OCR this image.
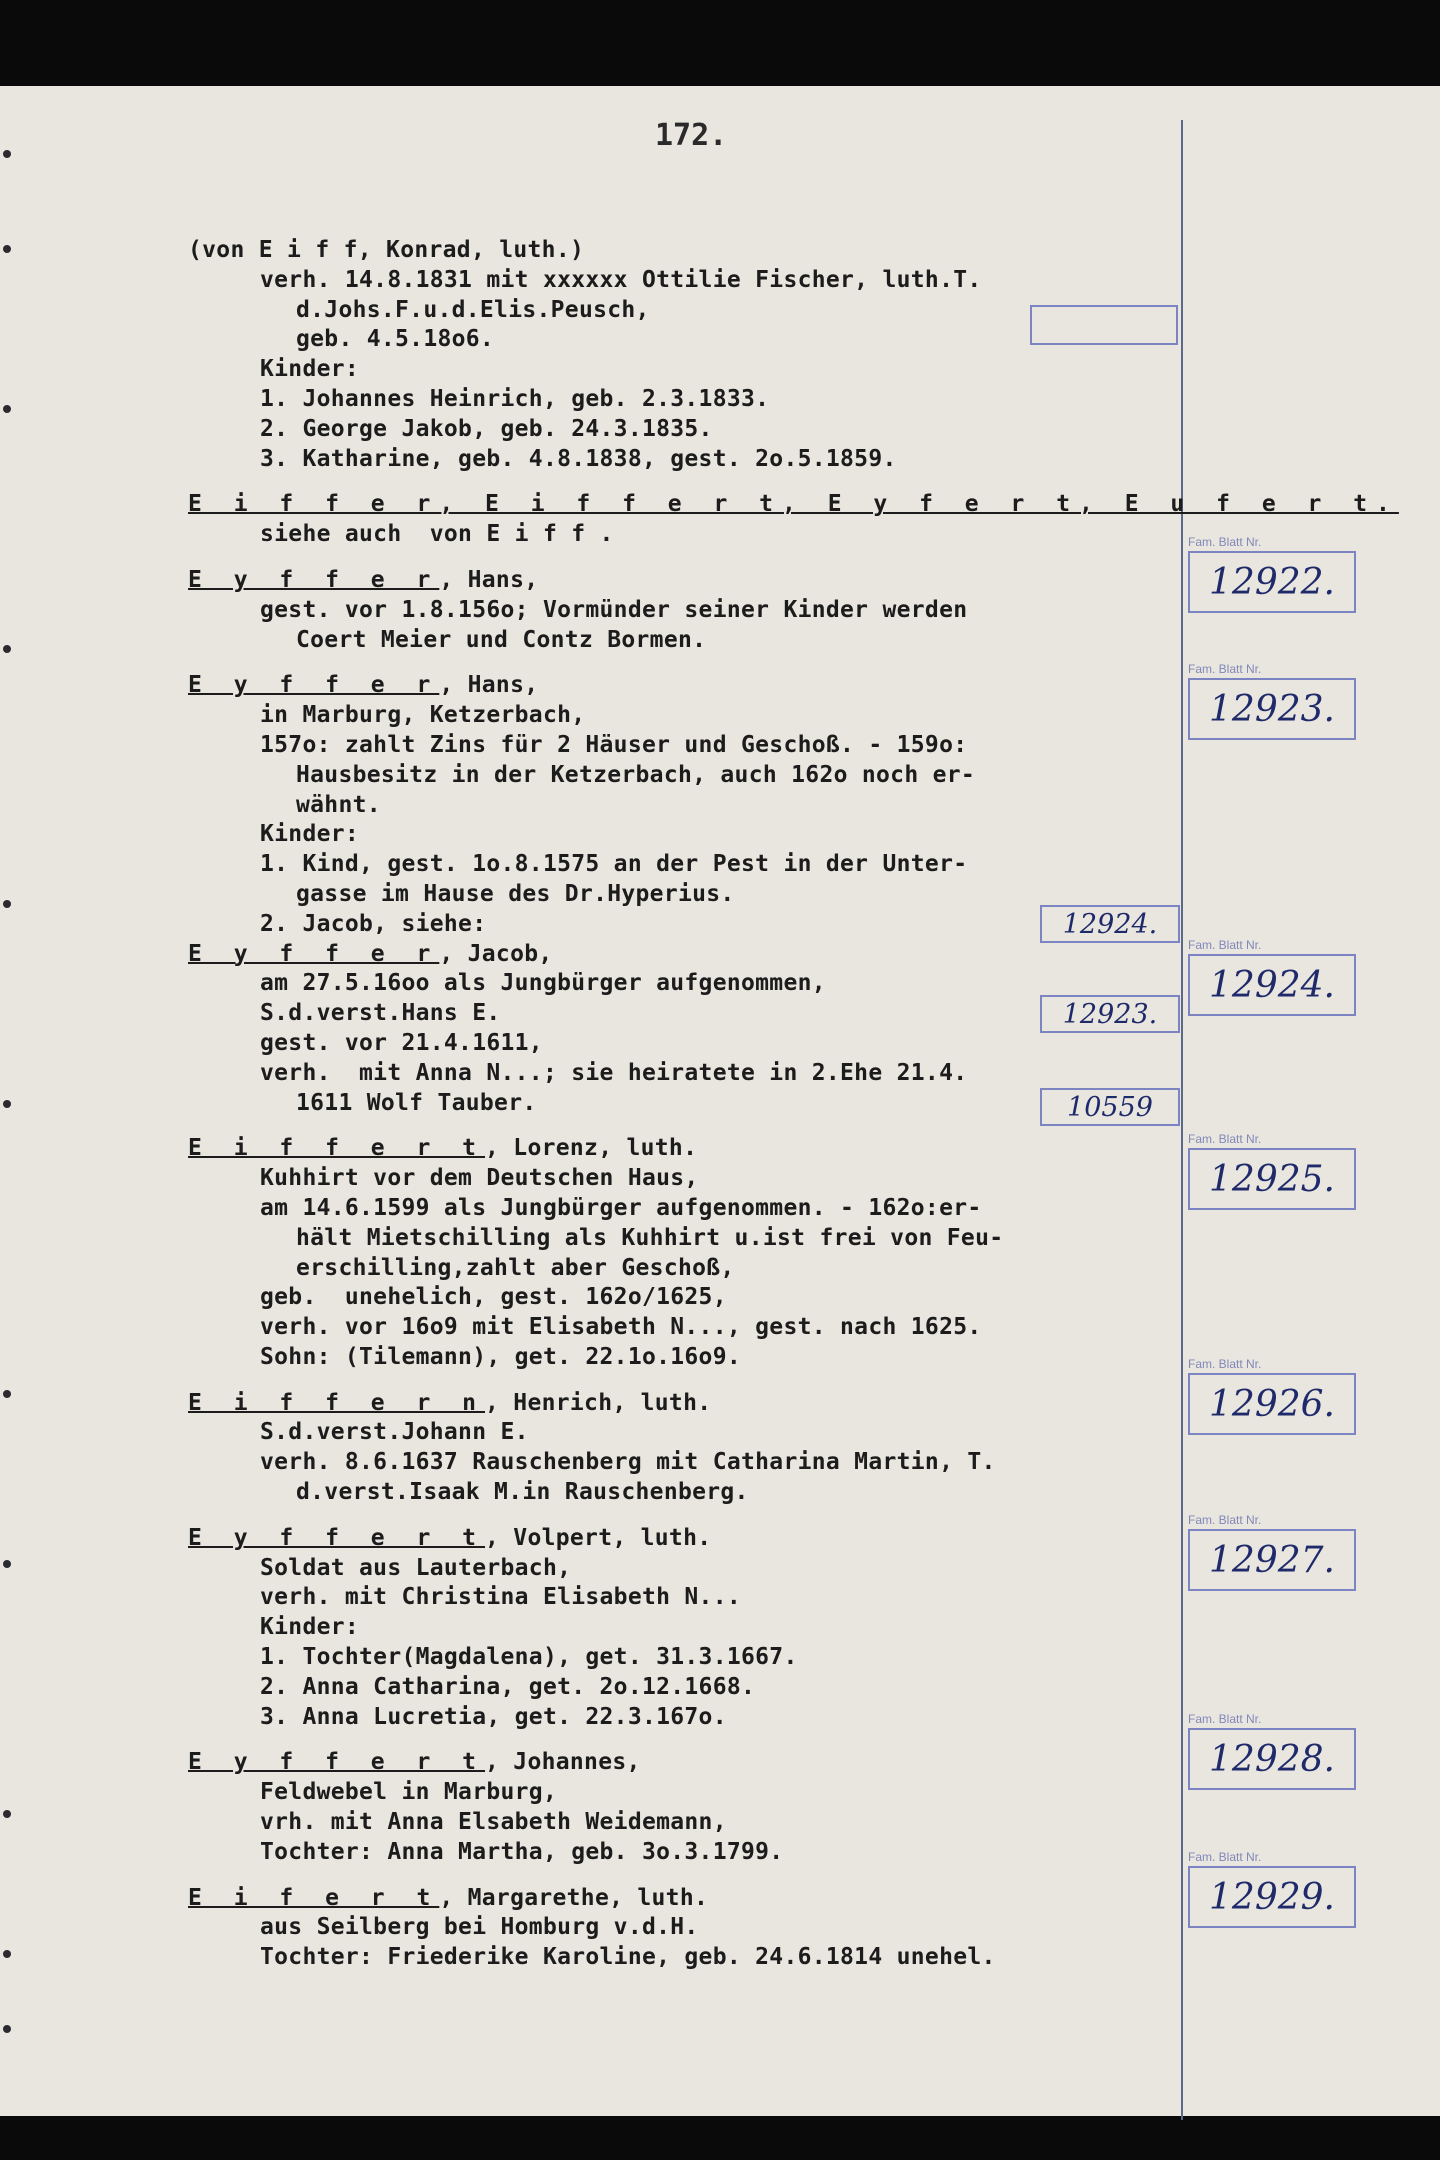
172.
(von E i f f, Konrad, luth.)
verh. 14.8.1831 mit xxxxxx Ottilie Fischer, luth.T.
d.Johs.F.u.d.Elis.Peusch,
geb. 4.5.18o6.
Kinder:
1. Johannes Heinrich, geb. 2.3.1833.
2. George Jakob, geb. 24.3.1835.
3. Katharine, geb. 4.8.1838, gest. 2o.5.1859.
E i f f e r, E i f f e r t, E y f e r t, E u f e r t.
siehe auch  von E i f f .
E y f f e r, Hans,
gest. vor 1.8.156o; Vormünder seiner Kinder werden
Coert Meier und Contz Bormen.
E y f f e r, Hans,
in Marburg, Ketzerbach,
157o: zahlt Zins für 2 Häuser und Geschoß. - 159o:
Hausbesitz in der Ketzerbach, auch 162o noch er-
wähnt.
Kinder:
1. Kind, gest. 1o.8.1575 an der Pest in der Unter-
gasse im Hause des Dr.Hyperius.
2. Jacob, siehe:
E y f f e r, Jacob,
am 27.5.16oo als Jungbürger aufgenommen,
S.d.verst.Hans E.
gest. vor 21.4.1611,
verh.  mit Anna N...; sie heiratete in 2.Ehe 21.4.
1611 Wolf Tauber.
E i f f e r t, Lorenz, luth.
Kuhhirt vor dem Deutschen Haus,
am 14.6.1599 als Jungbürger aufgenommen. - 162o:er-
hält Mietschilling als Kuhhirt u.ist frei von Feu-
erschilling,zahlt aber Geschoß,
geb.  unehelich, gest. 162o/1625,
verh. vor 16o9 mit Elisabeth N..., gest. nach 1625.
Sohn: (Tilemann), get. 22.1o.16o9.
E i f f e r n, Henrich, luth.
S.d.verst.Johann E.
verh. 8.6.1637 Rauschenberg mit Catharina Martin, T.
d.verst.Isaak M.in Rauschenberg.
E y f f e r t, Volpert, luth.
Soldat aus Lauterbach,
verh. mit Christina Elisabeth N...
Kinder:
1. Tochter(Magdalena), get. 31.3.1667.
2. Anna Catharina, get. 2o.12.1668.
3. Anna Lucretia, get. 22.3.167o.
E y f f e r t, Johannes,
Feldwebel in Marburg,
vrh. mit Anna Elsabeth Weidemann,
Tochter: Anna Martha, geb. 3o.3.1799.
E i f e r t, Margarethe, luth.
aus Seilberg bei Homburg v.d.H.
Tochter: Friederike Karoline, geb. 24.6.1814 unehel.
12924.
12923.
10559
Fam. Blatt Nr.
12922.
Fam. Blatt Nr.
12923.
Fam. Blatt Nr.
12924.
Fam. Blatt Nr.
12925.
Fam. Blatt Nr.
12926.
Fam. Blatt Nr.
12927.
Fam. Blatt Nr.
12928.
Fam. Blatt Nr.
12929.
